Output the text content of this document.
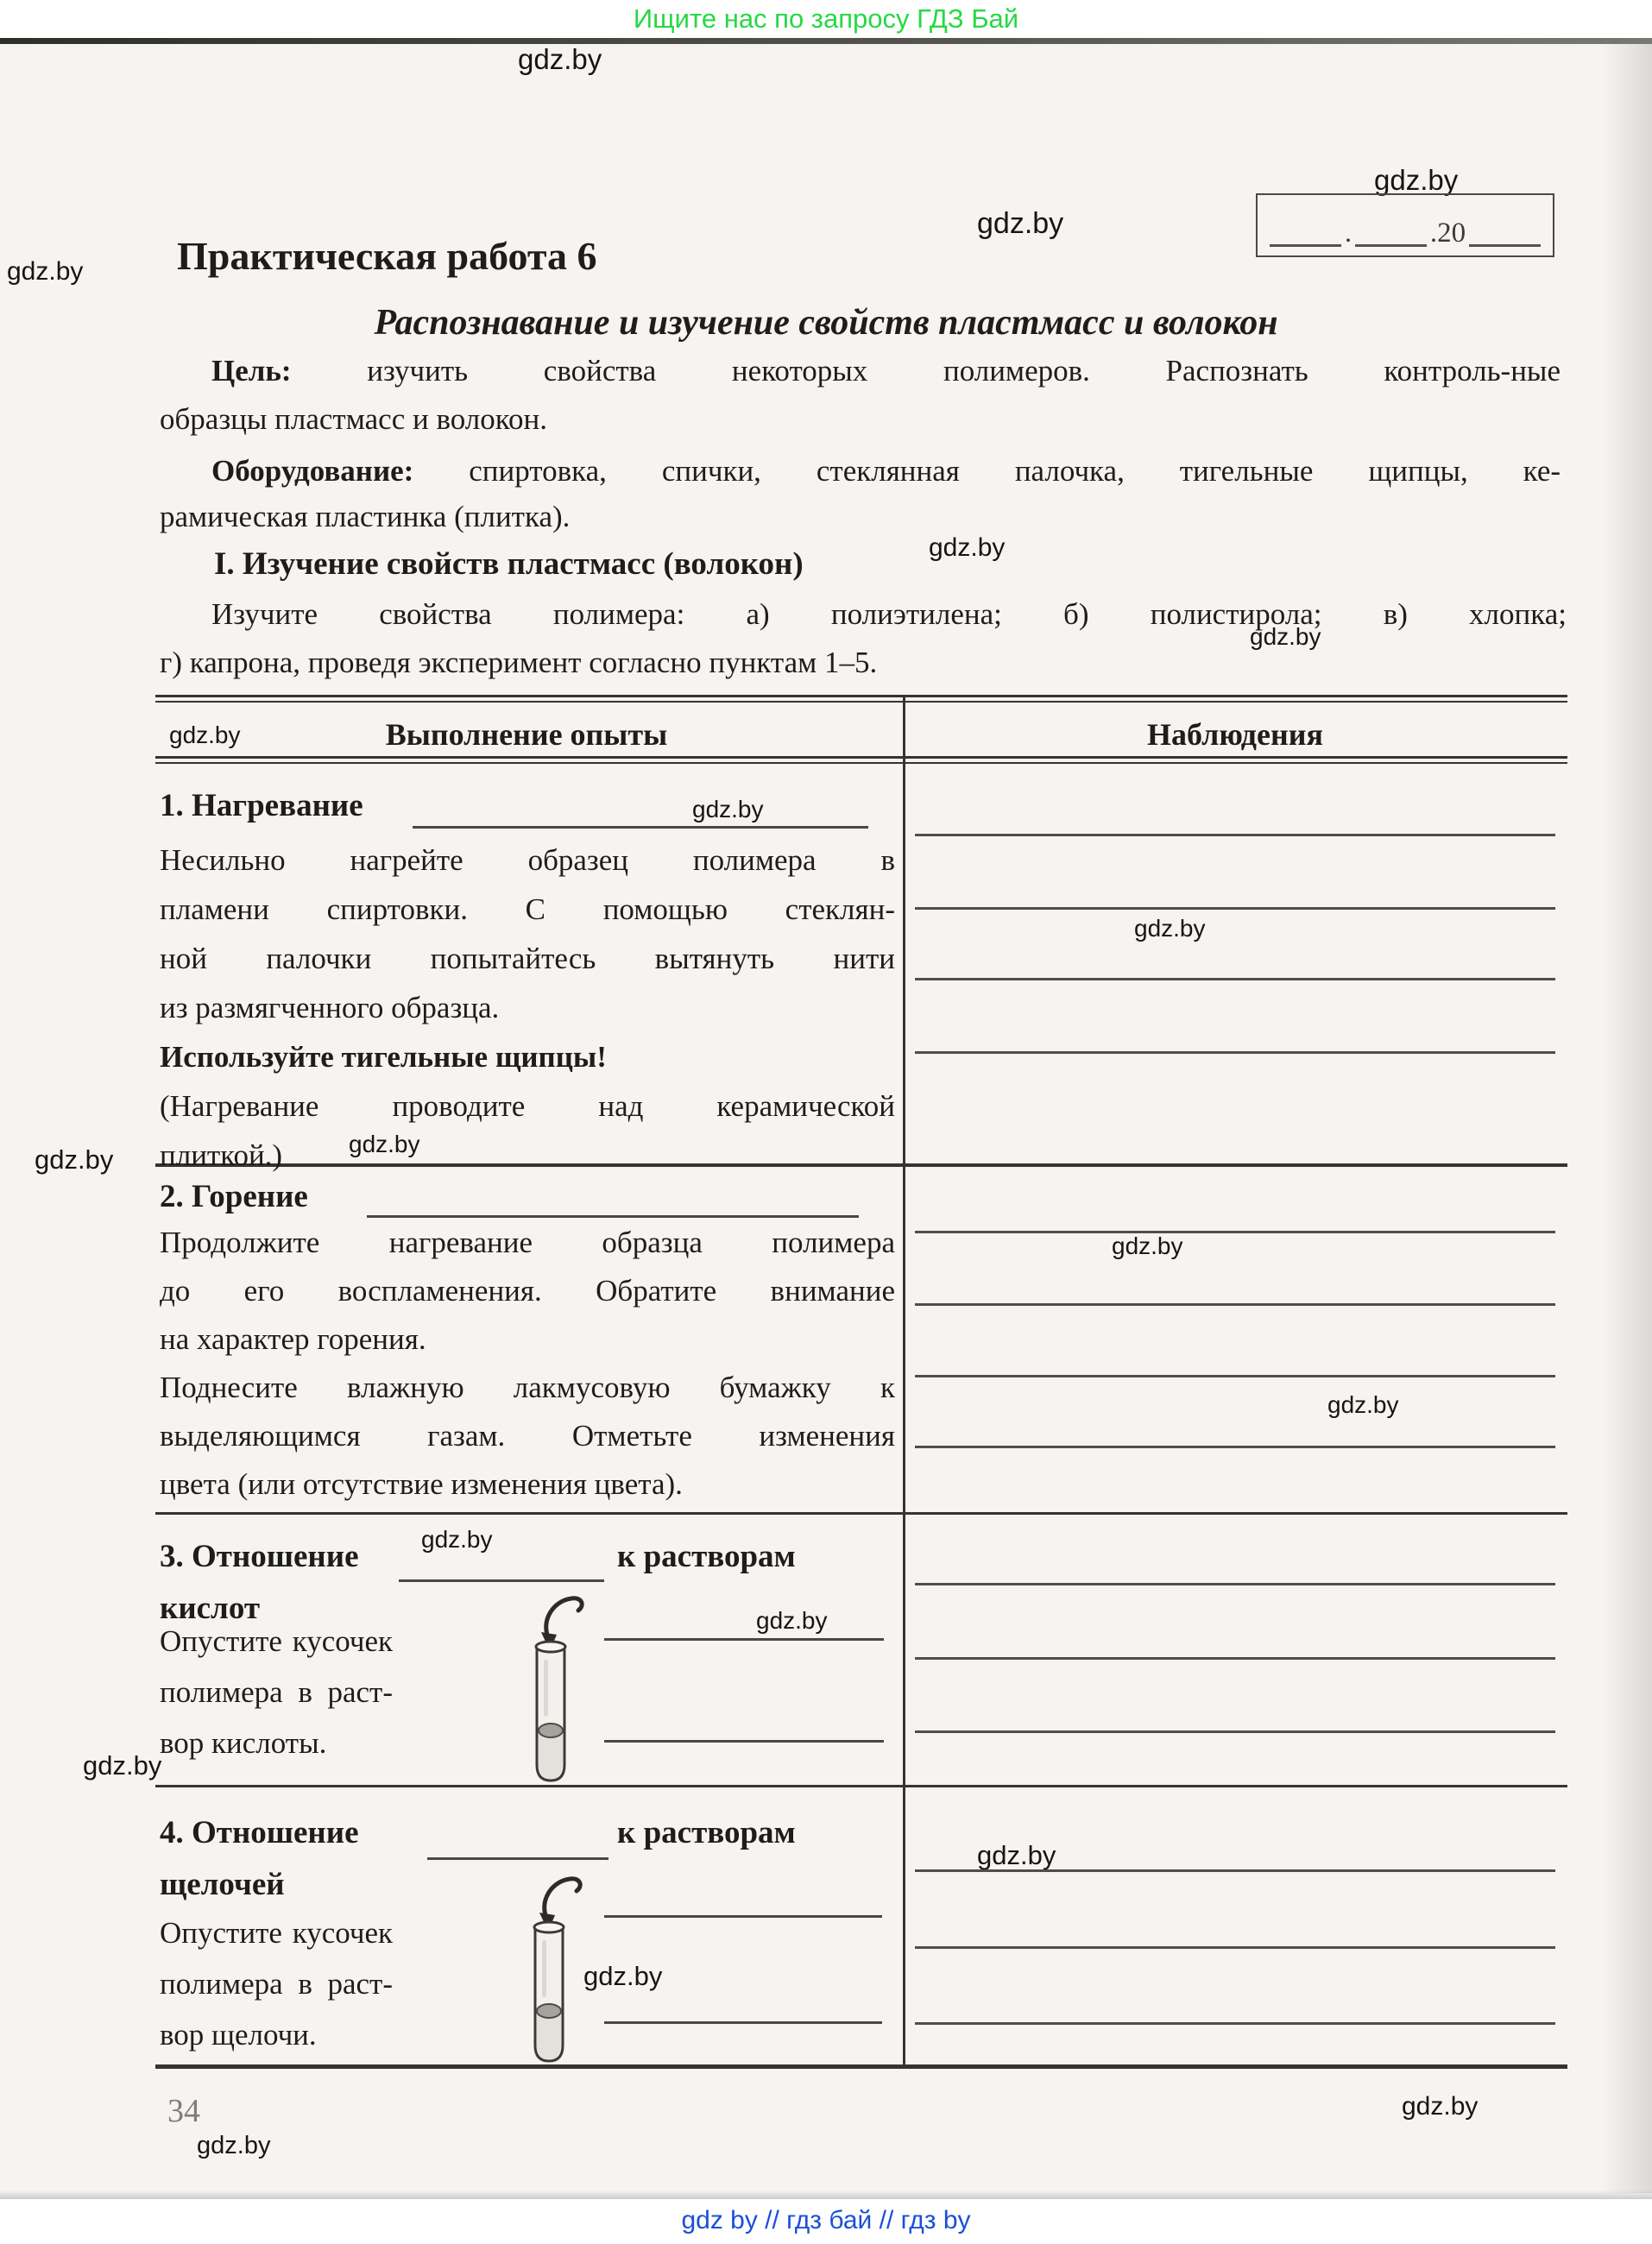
Ищите нас по запросу ГДЗ Бай
gdz.by
gdz.by
gdz.by
gdz.by
gdz.by
gdz.by
gdz.by
gdz.by
gdz.by
gdz.by
gdz.by
gdz.by
gdz.by
gdz.by
gdz.by
gdz.by
gdz.by
gdz.by
gdz.by
gdz.by
Практическая работа 6
.	.20
Распознавание и изучение свойств пластмасс и волокон
Цель:	изучить свойства некоторых полимеров. Распознать контроль-ные
образцы пластмасс и волокон.
Оборудование: спиртовка, спички, стеклянная палочка, тигельные щипцы, ке-
рамическая пластинка (плитка).
I. Изучение свойств пластмасс (волокон)
Изучите свойства полимера: а) полиэтилена; б) полистирола; в) хлопка;
г) капрона, проведя эксперимент согласно пунктам 1–5.
Выполнение опыты	Наблюдения
1. Нагревание
Несильно нагрейте образец полимера в
пламени спиртовки. С помощью стеклян-
ной палочки попытайтесь вытянуть нити
из размягченного образца.
Используйте тигельные щипцы!
(Нагревание проводите над керамической
плиткой.)
2. Горение
Продолжите нагревание образца полимера
до его воспламенения. Обратите внимание
на характер горения.
Поднесите влажную лакмусовую бумажку к
выделяющимся газам. Отметьте изменения
цвета (или отсутствие изменения цвета).
3. Отношение	к растворам
кислот
Опустите кусочек
полимера в раст-
вор кислоты.
4. Отношение	к растворам
щелочей
Опустите кусочек
полимера в раст-
вор щелочи.
34
gdz by // гдз бай // гдз by
